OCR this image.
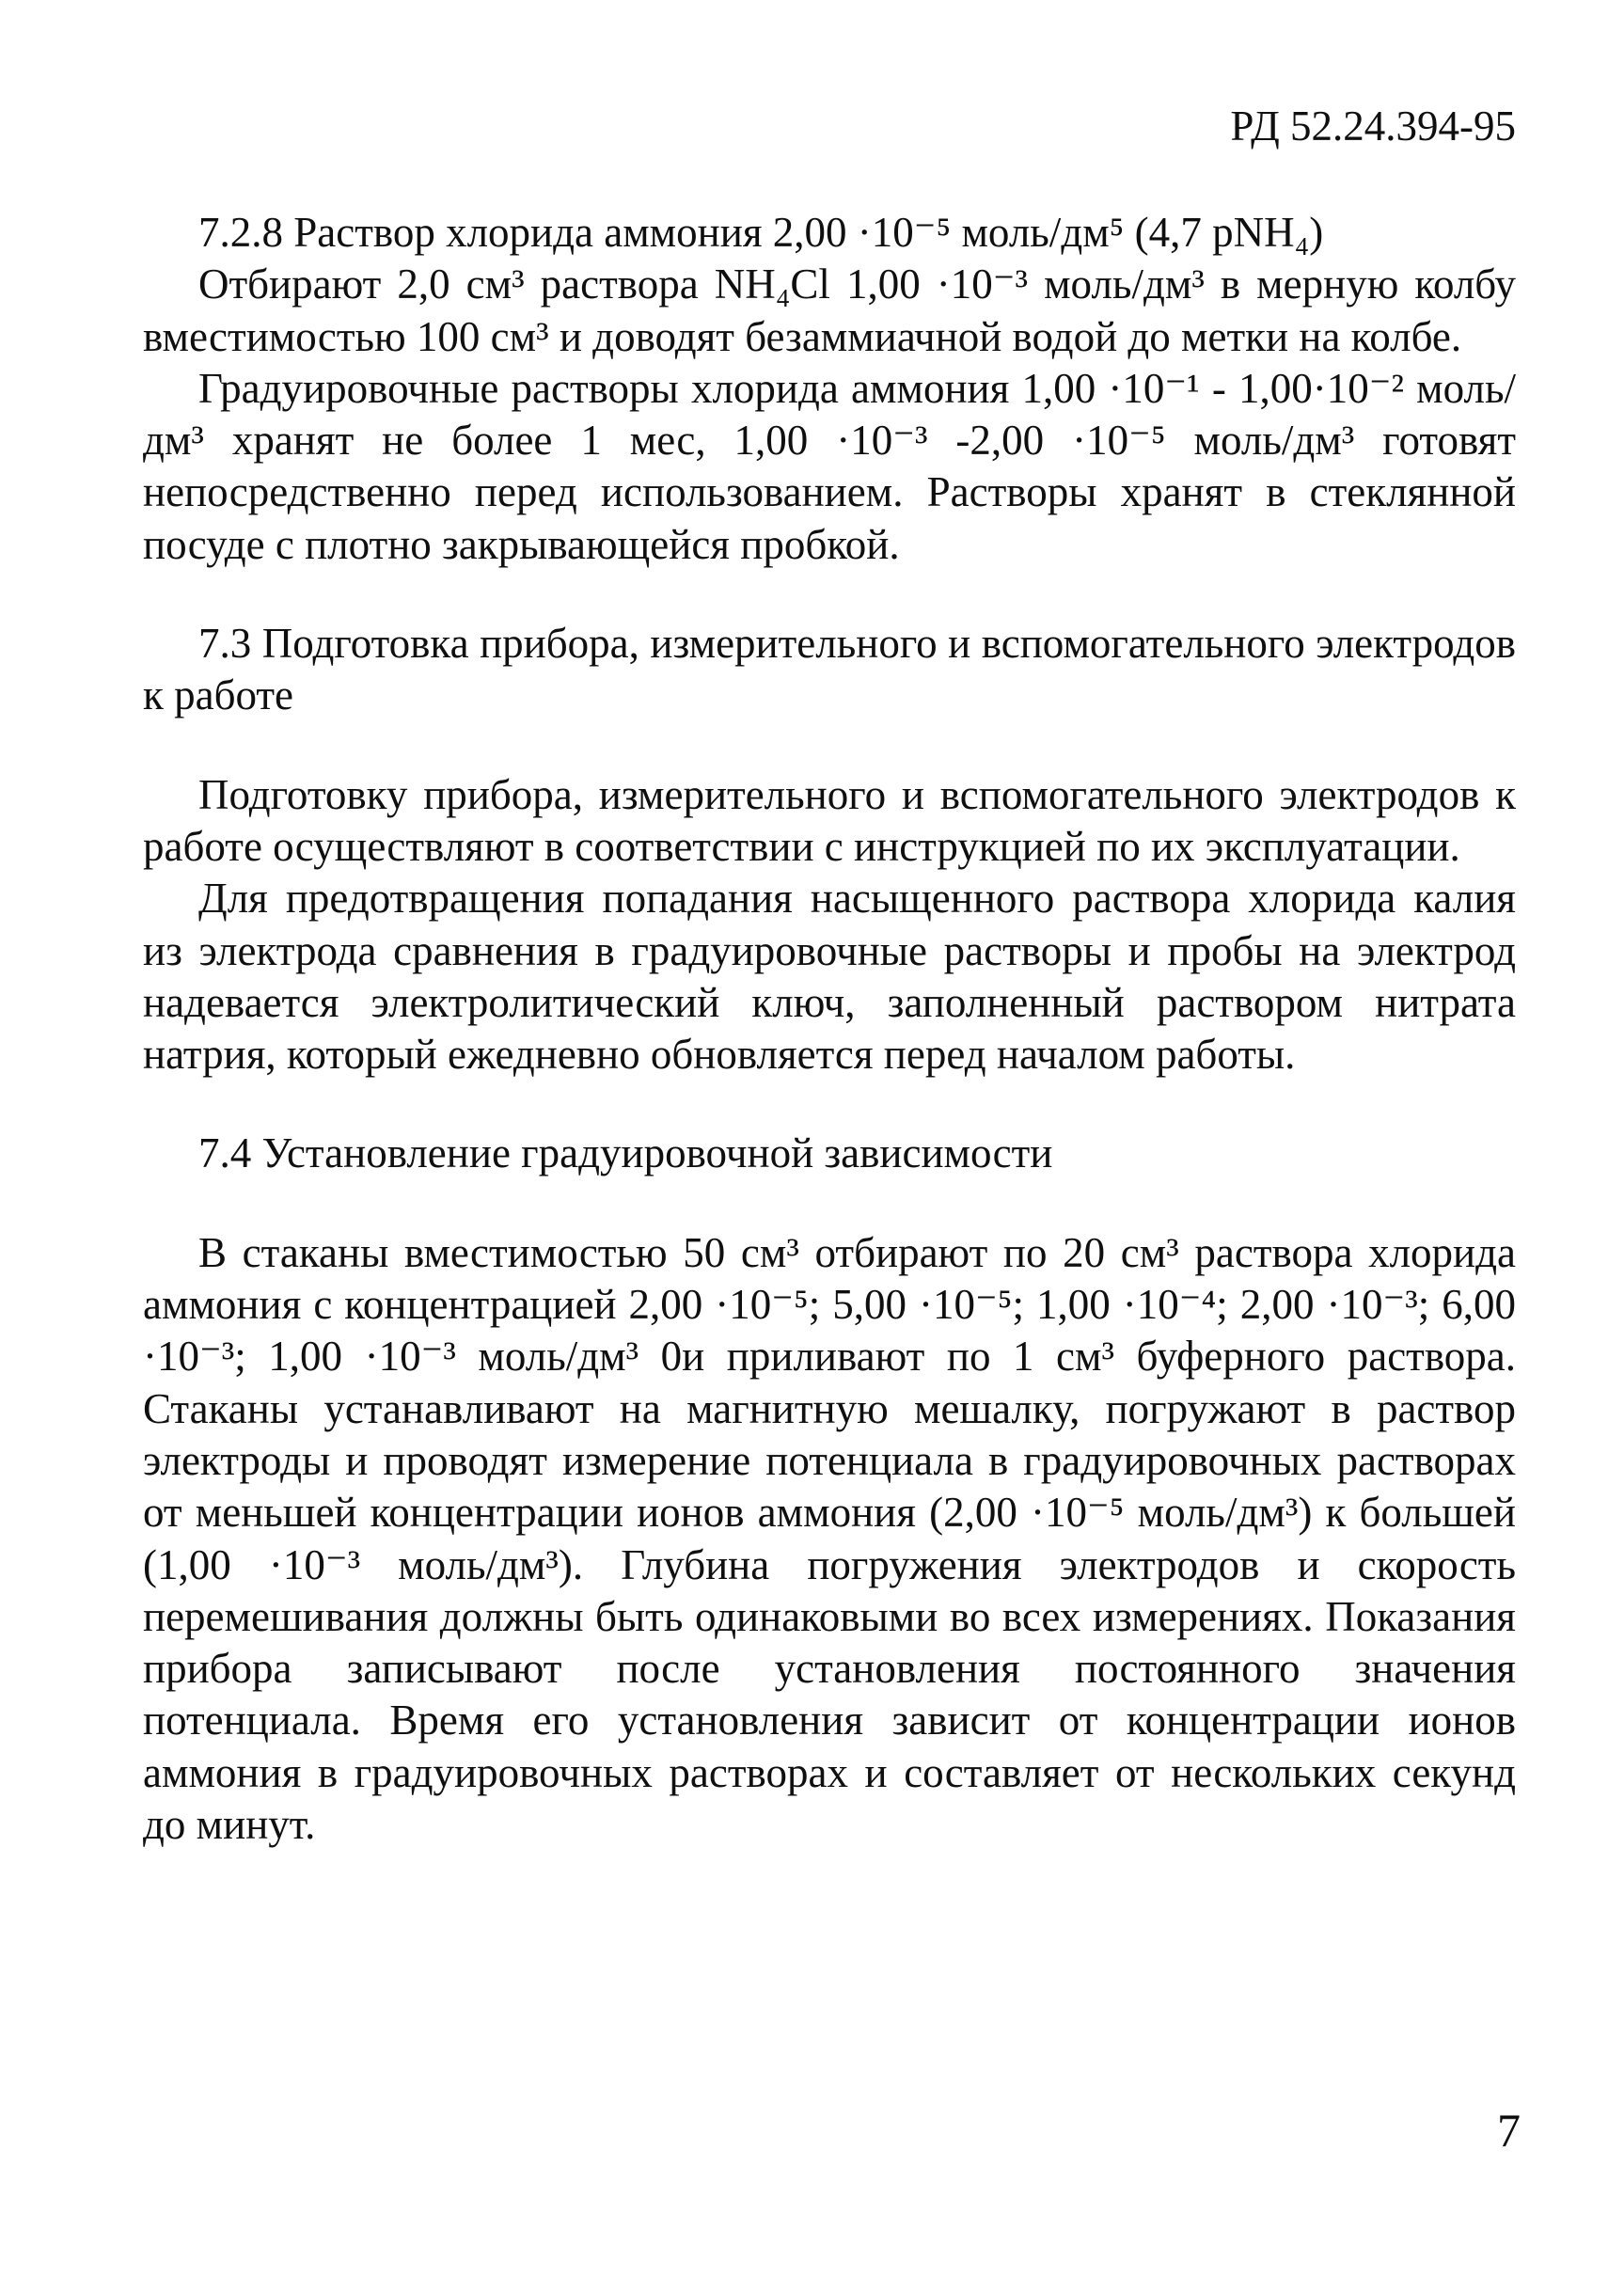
РД 52.24.394-95

7.2.8 Раствор хлорида аммония 2,00 ·10⁻⁵ моль/дм⁵ (4,7 pNH₄)

Отбирают 2,0 см³ раствора NH₄Cl 1,00 ·10⁻³ моль/дм³ в мерную колбу вместимостью 100 см³ и доводят безаммиачной водой до метки на колбе.

Градуировочные растворы хлорида аммония 1,00 ·10⁻¹ - 1,00·10⁻² моль/дм³ хранят не более 1 мес, 1,00 ·10⁻³ -2,00 ·10⁻⁵ моль/дм³ готовят непосредственно перед использованием. Растворы хранят в стеклянной посуде с плотно закрывающейся пробкой.

7.3 Подготовка прибора, измерительного и вспомогательного электродов к работе

Подготовку прибора, измерительного и вспомогательного электродов к работе осуществляют в соответствии с инструкцией по их эксплуатации.

Для предотвращения попадания насыщенного раствора хлорида калия из электрода сравнения в градуировочные растворы и пробы на электрод надевается электролитический ключ, заполненный раствором нитрата натрия, который ежедневно обновляется перед началом работы.

7.4 Установление градуировочной зависимости

В стаканы вместимостью 50 см³ отбирают по 20 см³ раствора хлорида аммония с концентрацией 2,00 ·10⁻⁵; 5,00 ·10⁻⁵; 1,00 ·10⁻⁴; 2,00 ·10⁻³; 6,00 ·10⁻³; 1,00 ·10⁻³ моль/дм³ 0и приливают по 1 см³ буферного раствора. Стаканы устанавливают на магнитную мешалку, погружают в раствор электроды и проводят измерение потенциала в градуировочных растворах от меньшей концентрации ионов аммония (2,00 ·10⁻⁵ моль/дм³) к большей (1,00 ·10⁻³ моль/дм³). Глубина погружения электродов и скорость перемешивания должны быть одинаковыми во всех измерениях. Показания прибора записывают после установления постоянного значения потенциала. Время его установления зависит от концентрации ионов аммония в градуировочных растворах и составляет от нескольких секунд до минут.

7
